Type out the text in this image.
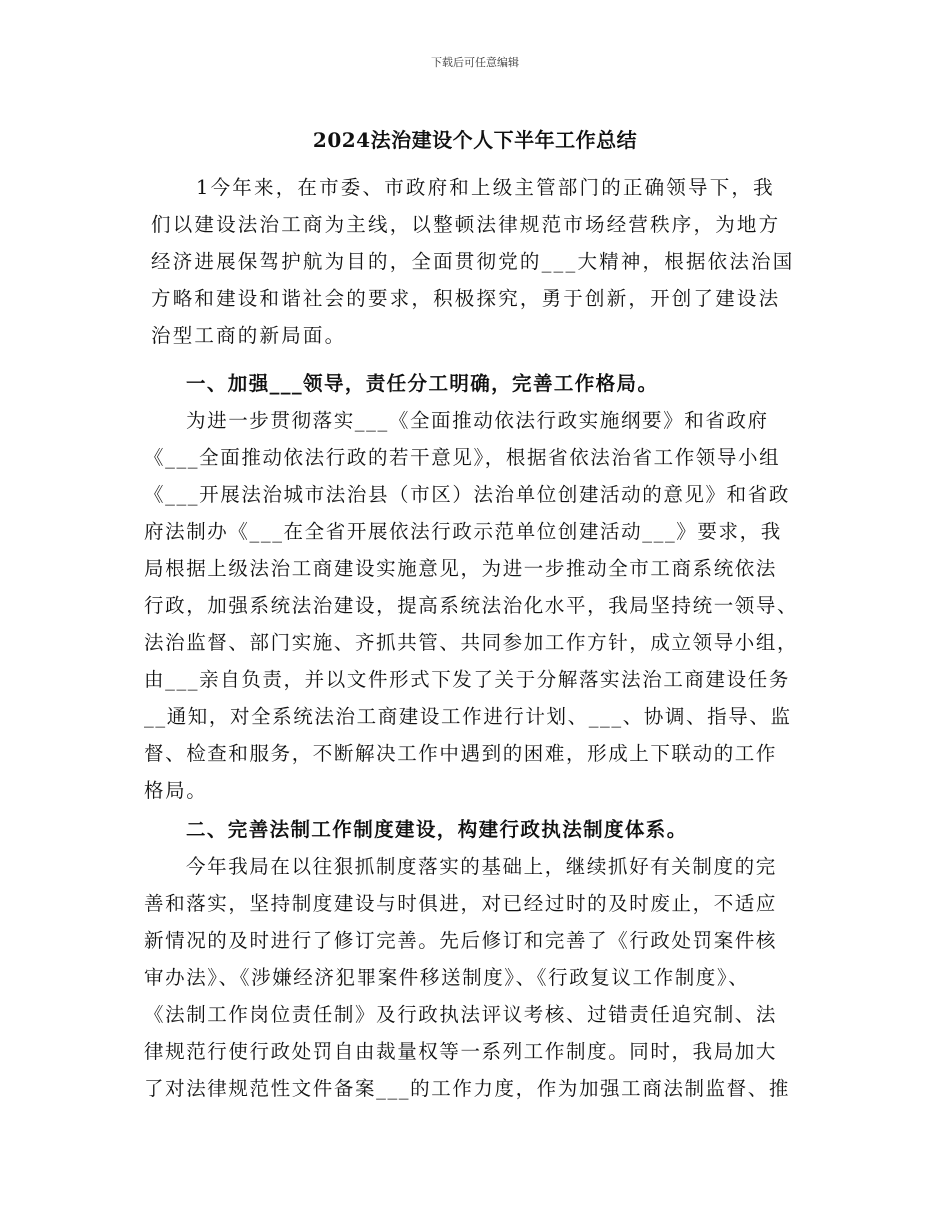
下载后可任意编辑
2024法治建设个人下半年工作总结
1今年来，在市委、市政府和上级主管部门的正确领导下，我
们以建设法治工商为主线，以整顿法律规范市场经营秩序，为地方
经济进展保驾护航为目的，全面贯彻党的___大精神，根据依法治国
方略和建设和谐社会的要求，积极探究，勇于创新，开创了建设法
治型工商的新局面。
一、加强___领导，责任分工明确，完善工作格局。
为进一步贯彻落实___《全面推动依法行政实施纲要》和省政府
《___全面推动依法行政的若干意见》，根据省依法治省工作领导小组
《___开展法治城市法治县（市区）法治单位创建活动的意见》和省政
府法制办《___在全省开展依法行政示范单位创建活动___》要求，我
局根据上级法治工商建设实施意见，为进一步推动全市工商系统依法
行政，加强系统法治建设，提高系统法治化水平，我局坚持统一领导、
法治监督、部门实施、齐抓共管、共同参加工作方针，成立领导小组，
由___亲自负责，并以文件形式下发了关于分解落实法治工商建设任务
__通知，对全系统法治工商建设工作进行计划、___、协调、指导、监
督、检查和服务，不断解决工作中遇到的困难，形成上下联动的工作
格局。
二、完善法制工作制度建设，构建行政执法制度体系。
今年我局在以往狠抓制度落实的基础上，继续抓好有关制度的完
善和落实，坚持制度建设与时俱进，对已经过时的及时废止，不适应
新情况的及时进行了修订完善。先后修订和完善了《行政处罚案件核
审办法》、《涉嫌经济犯罪案件移送制度》、《行政复议工作制度》、
《法制工作岗位责任制》及行政执法评议考核、过错责任追究制、法
律规范行使行政处罚自由裁量权等一系列工作制度。同时，我局加大
了对法律规范性文件备案___的工作力度，作为加强工商法制监督、推
